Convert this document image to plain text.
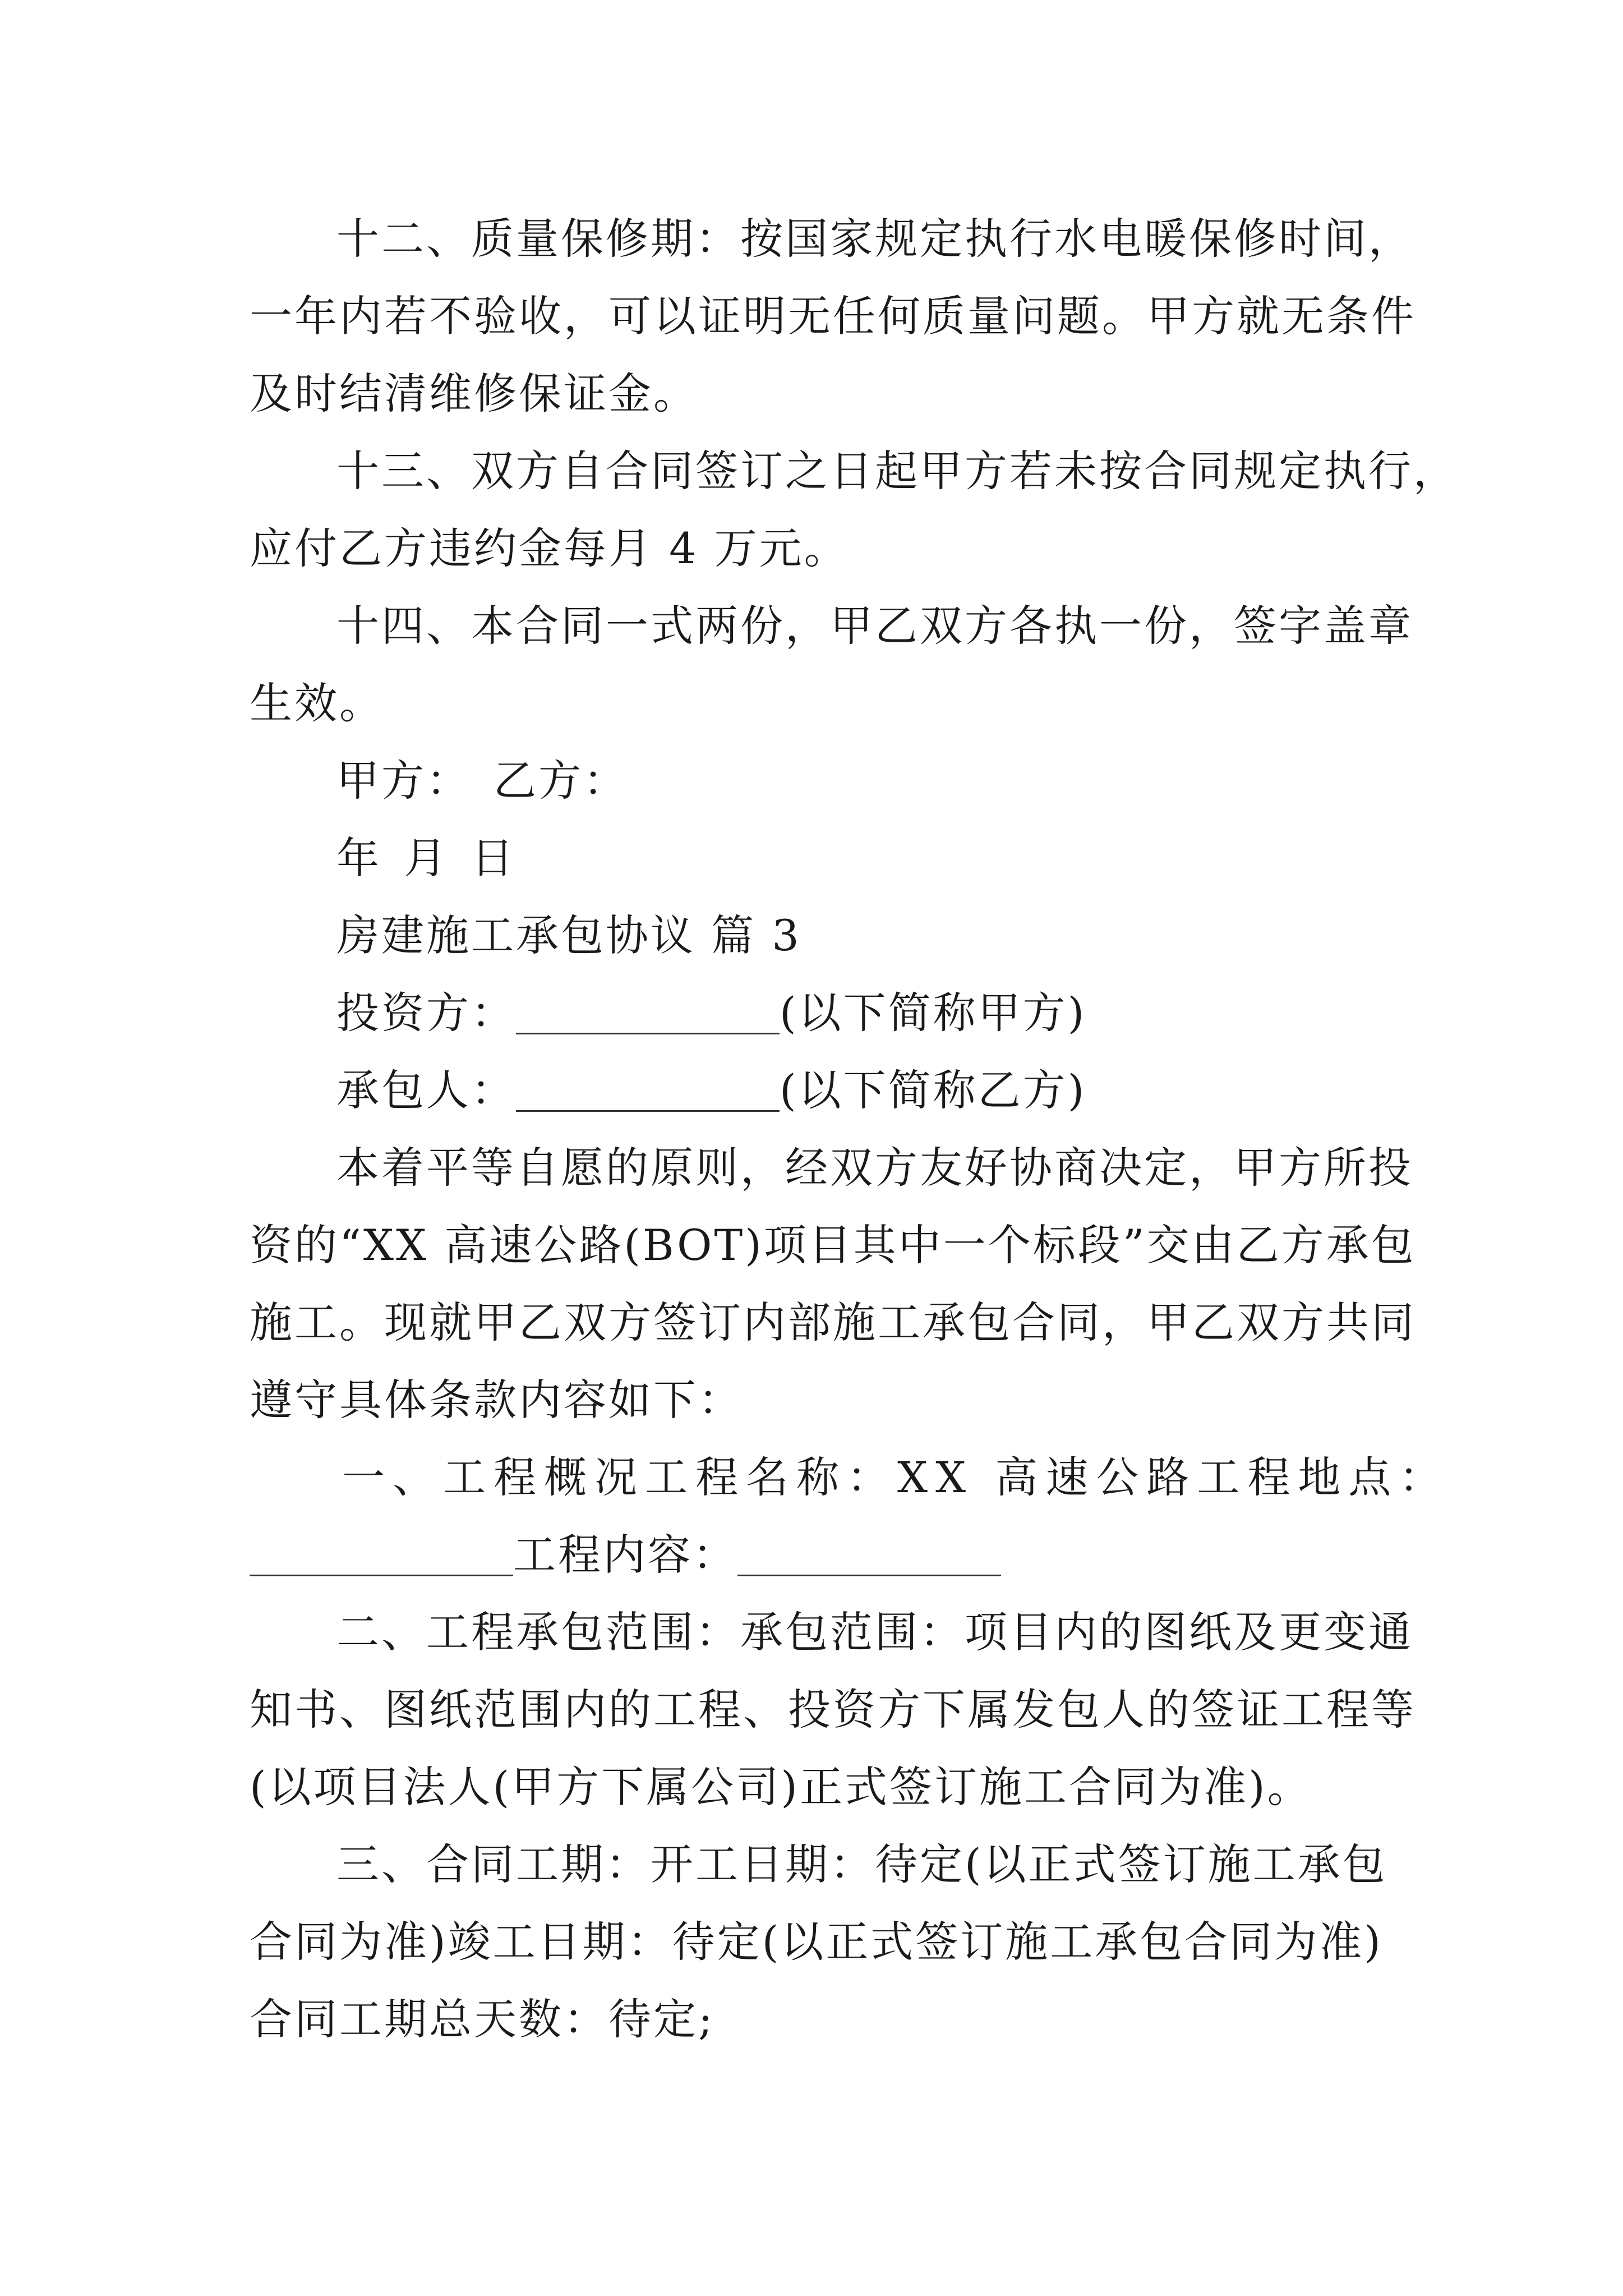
十二、质量保修期：按国家规定执行水电暖保修时间，
一年内若不验收，可以证明无任何质量问题。甲方就无条件
及时结清维修保证金。
十三、双方自合同签订之日起甲方若未按合同规定执行，
应付乙方违约金每月 4 万元。
十四、本合同一式两份，甲乙双方各执一份，签字盖章
生效。
甲方： 乙方：
年 月 日
房建施工承包协议 篇 3
投资方：	(以下简称甲方)
承包人：	(以下简称乙方)
本着平等自愿的原则，经双方友好协商决定，甲方所投
资的“XX 高速公路(BOT)项目其中一个标段”交由乙方承包
施工。现就甲乙双方签订内部施工承包合同，甲乙双方共同
遵守具体条款内容如下：
一、工程概况工程名称：XX 高速公路工程地点：
工程内容：
二、工程承包范围：承包范围：项目内的图纸及更变通
知书、图纸范围内的工程、投资方下属发包人的签证工程等
(以项目法人(甲方下属公司)正式签订施工合同为准)。
三、合同工期：开工日期：待定(以正式签订施工承包
合同为准)竣工日期：待定(以正式签订施工承包合同为准)
合同工期总天数：待定;
